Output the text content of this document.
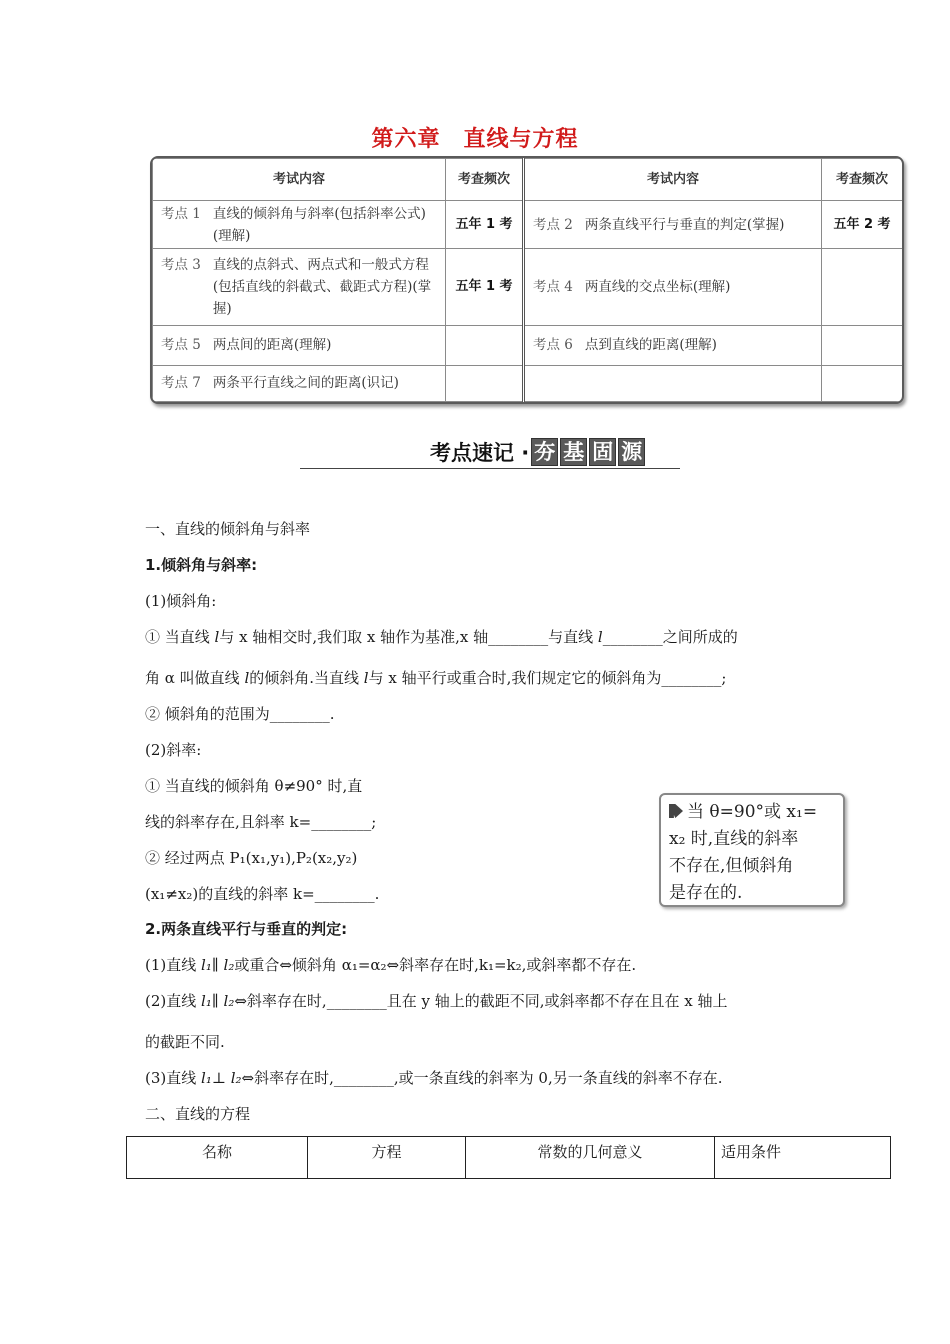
第六章　直线与方程
考试内容	考查频次	考试内容	考查频次

考点 1 直线的倾斜角与斜率(包括斜率公式)(理解)	五年 1 考	考点 2 两条直线平行与垂直的判定(掌握)	五年 2 考

考点 3 直线的点斜式、两点式和一般式方程(包括直线的斜截式、截距式方程)(掌握)	五年 1 考	考点 4 两直线的交点坐标(理解)	

考点 5 两点间的距离(理解)		考点 6 点到直线的距离(理解)	

考点 7 两条平行直线之间的距离(识记)			

考点速记 · 夯 基 固 源
一、直线的倾斜角与斜率
1.倾斜角与斜率:
(1)倾斜角:
① 当直线 l与 x 轴相交时,我们取 x 轴作为基准,x 轴________与直线 l________之间所成的
角 α 叫做直线 l的倾斜角.当直线 l与 x 轴平行或重合时,我们规定它的倾斜角为________;
② 倾斜角的范围为________.
(2)斜率:
① 当直线的倾斜角 θ≠90° 时,直
线的斜率存在,且斜率 k=________;
② 经过两点 P₁(x₁,y₁),P₂(x₂,y₂)
(x₁≠x₂)的直线的斜率 k=________.
当 θ=90°或 x₁=
x₂ 时,直线的斜率
不存在,但倾斜角
是存在的.
2.两条直线平行与垂直的判定:
(1)直线 l₁∥ l₂或重合⇔倾斜角 α₁=α₂⇔斜率存在时,k₁=k₂,或斜率都不存在.
(2)直线 l₁∥ l₂⇔斜率存在时,________且在 y 轴上的截距不同,或斜率都不存在且在 x 轴上
的截距不同.
(3)直线 l₁⊥ l₂⇔斜率存在时,________,或一条直线的斜率为 0,另一条直线的斜率不存在.
二、直线的方程
名称	方程	常数的几何意义	适用条件
